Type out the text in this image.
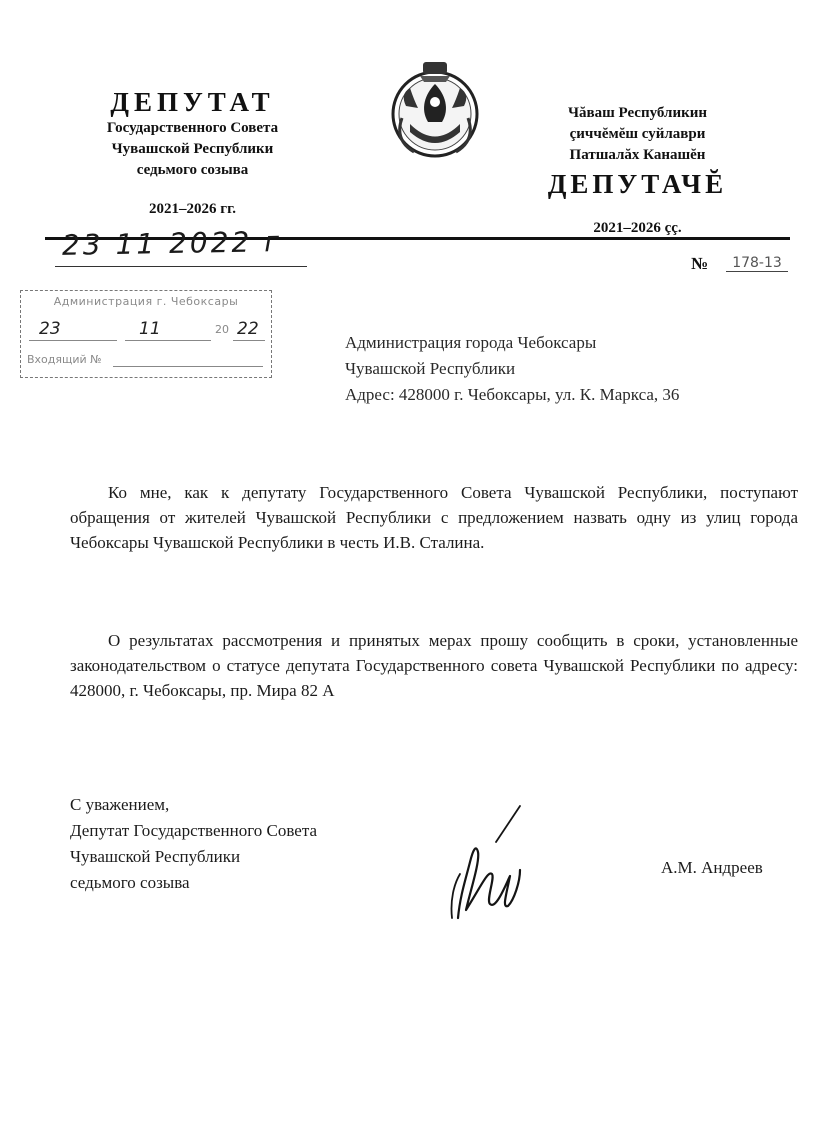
ДЕПУТАТ
Государственного Совета
Чувашской Республики
седьмого созыва
2021–2026 гг.
Чăваш Республикин
çиччĕмĕш суйлаври
Патшалăх Канашĕн
ДЕПУТАЧĔ
2021–2026 çç.
23 11 2022 г
№	178-13
Администрация г. Чебоксары
23	11	20 22
Входящий №
Администрация города Чебоксары
Чувашской Республики
Адрес: 428000 г. Чебоксары, ул. К. Маркса, 36
Ко мне, как к депутату Государственного Совета Чувашской Республики, поступают обращения от жителей Чувашской Республики с предложением назвать одну из улиц города Чебоксары Чувашской Республики в честь И.В. Сталина.
О результатах рассмотрения и принятых мерах прошу сообщить в сроки, установленные законодательством о статусе депутата Государственного совета Чувашской Республики по адресу: 428000, г. Чебоксары, пр. Мира 82 А
С уважением,
Депутат Государственного Совета
Чувашской Республики
седьмого созыва
А.М. Андреев
